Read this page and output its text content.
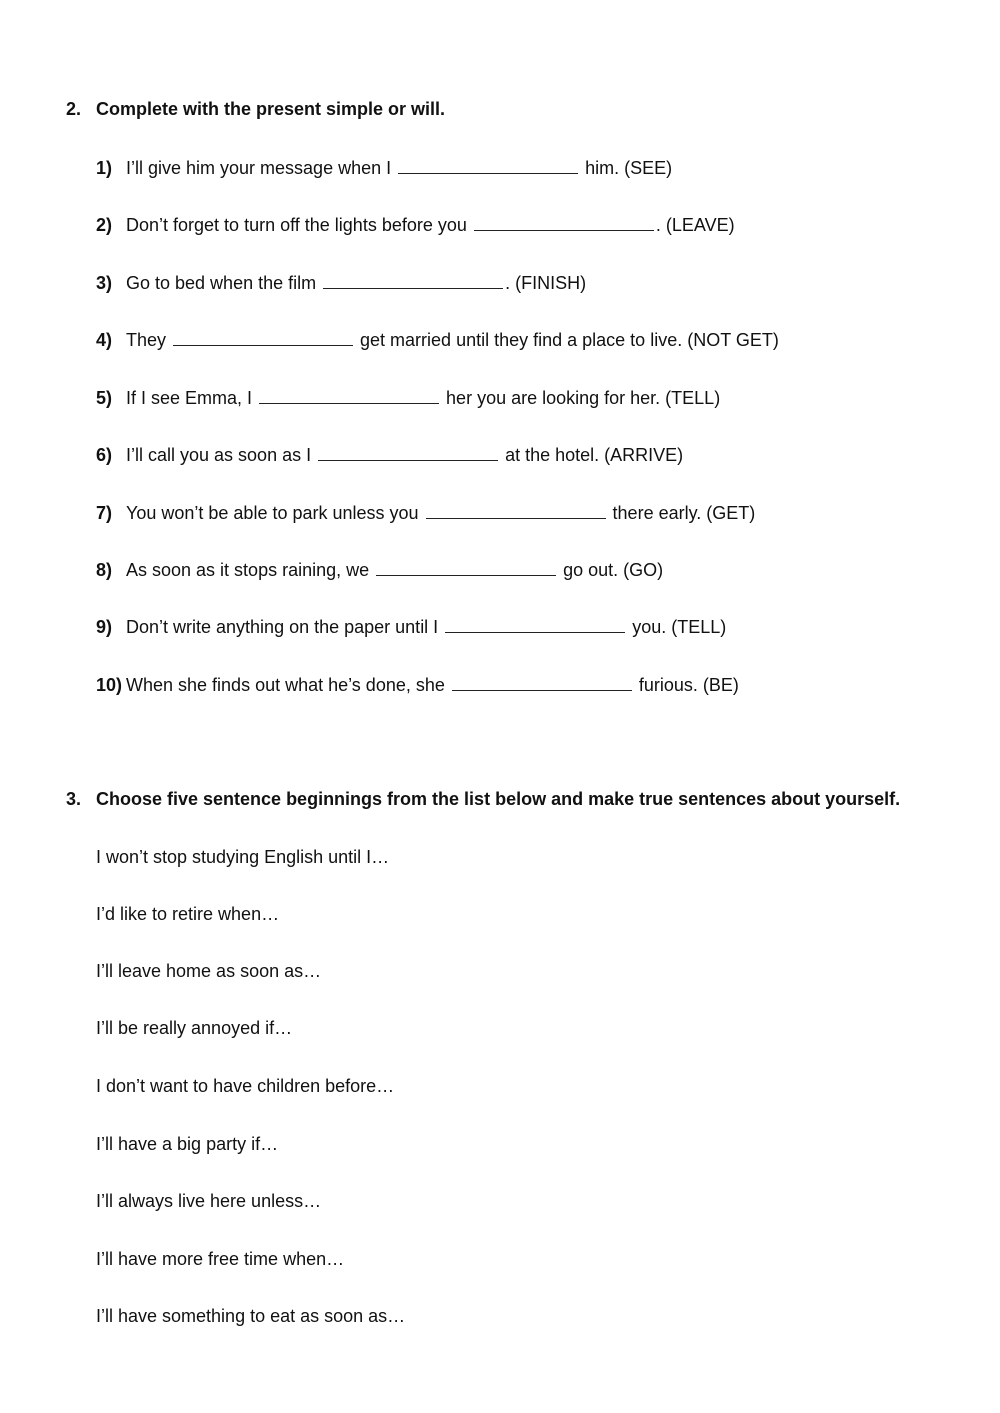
2. Complete with the present simple or will.
1) I’ll give him your message when I	him. (SEE)
2) Don’t forget to turn off the lights before you	. (LEAVE)
3) Go to bed when the film	. (FINISH)
4) They	get married until they find a place to live. (NOT GET)
5) If I see Emma, I	her you are looking for her. (TELL)
6) I’ll call you as soon as I	at the hotel. (ARRIVE)
7) You won’t be able to park unless you	there early. (GET)
8) As soon as it stops raining, we	go out. (GO)
9) Don’t write anything on the paper until I	you. (TELL)
10) When she finds out what he’s done, she	furious. (BE)
3. Choose five sentence beginnings from the list below and make true sentences about yourself.
I won’t stop studying English until I…
I’d like to retire when…
I’ll leave home as soon as…
I’ll be really annoyed if…
I don’t want to have children before…
I’ll have a big party if…
I’ll always live here unless…
I’ll have more free time when…
I’ll have something to eat as soon as…
